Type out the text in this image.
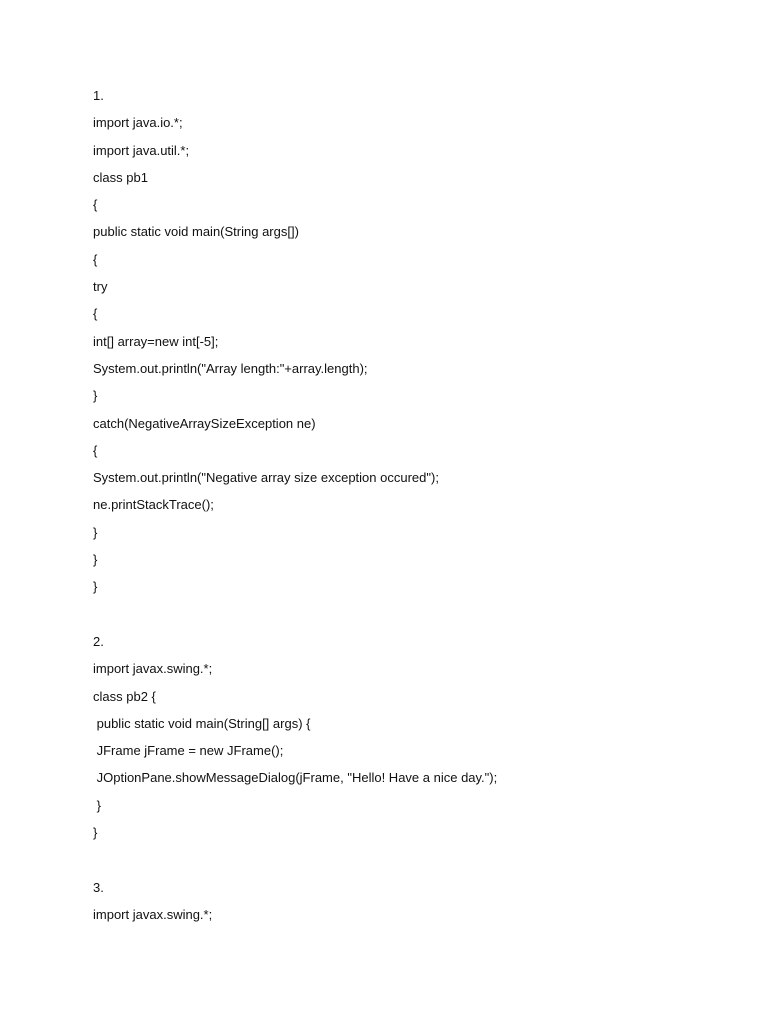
1.
import java.io.*;
import java.util.*;
class pb1
{
public static void main(String args[])
{
try
{
int[] array=new int[-5];
System.out.println("Array length:"+array.length);
}
catch(NegativeArraySizeException ne)
{
System.out.println("Negative array size exception occured");
ne.printStackTrace();
}
}
}
2.
import javax.swing.*;
class pb2 {
public static void main(String[] args) {
JFrame jFrame = new JFrame();
JOptionPane.showMessageDialog(jFrame, "Hello! Have a nice day.");
}
}
3.
import javax.swing.*;
